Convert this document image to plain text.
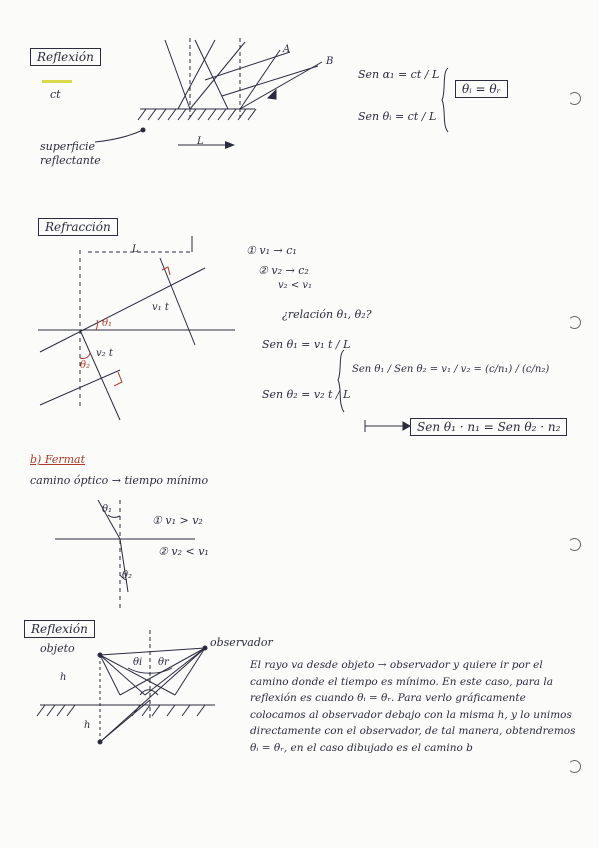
Reflexión
ct
A
B
superficie
reflectante
L
Sen α₁ = ct / L
Sen θᵢ = ct / L
θᵢ = θᵣ
Refracción
① v₁ → c₁
② v₂ → c₂
v₂ < v₁
¿relación θ₁, θ₂?
Sen θ₁ = v₁ t / L
Sen θ₂ = v₂ t / L
Sen θ₁ / Sen θ₂ = v₁ / v₂ = (c/n₁) / (c/n₂)
Sen θ₁ · n₁ = Sen θ₂ · n₂
v₁ t
v₂ t
L
θ₁
θ₂
b) Fermat
camino óptico → tiempo mínimo
① v₁ > v₂
② v₂ < v₁
θ₁
θ₂
Reflexión
objeto	observador
h
h
θi θr	El rayo va desde objeto → observador y quiere ir por el camino donde el tiempo es mínimo. En este caso, para la reflexión es cuando θᵢ = θᵣ. Para verlo gráficamente colocamos al observador debajo con la misma h, y lo unimos directamente con el observador, de tal manera, obtendremos θᵢ = θᵣ, en el caso dibujado es el camino b
